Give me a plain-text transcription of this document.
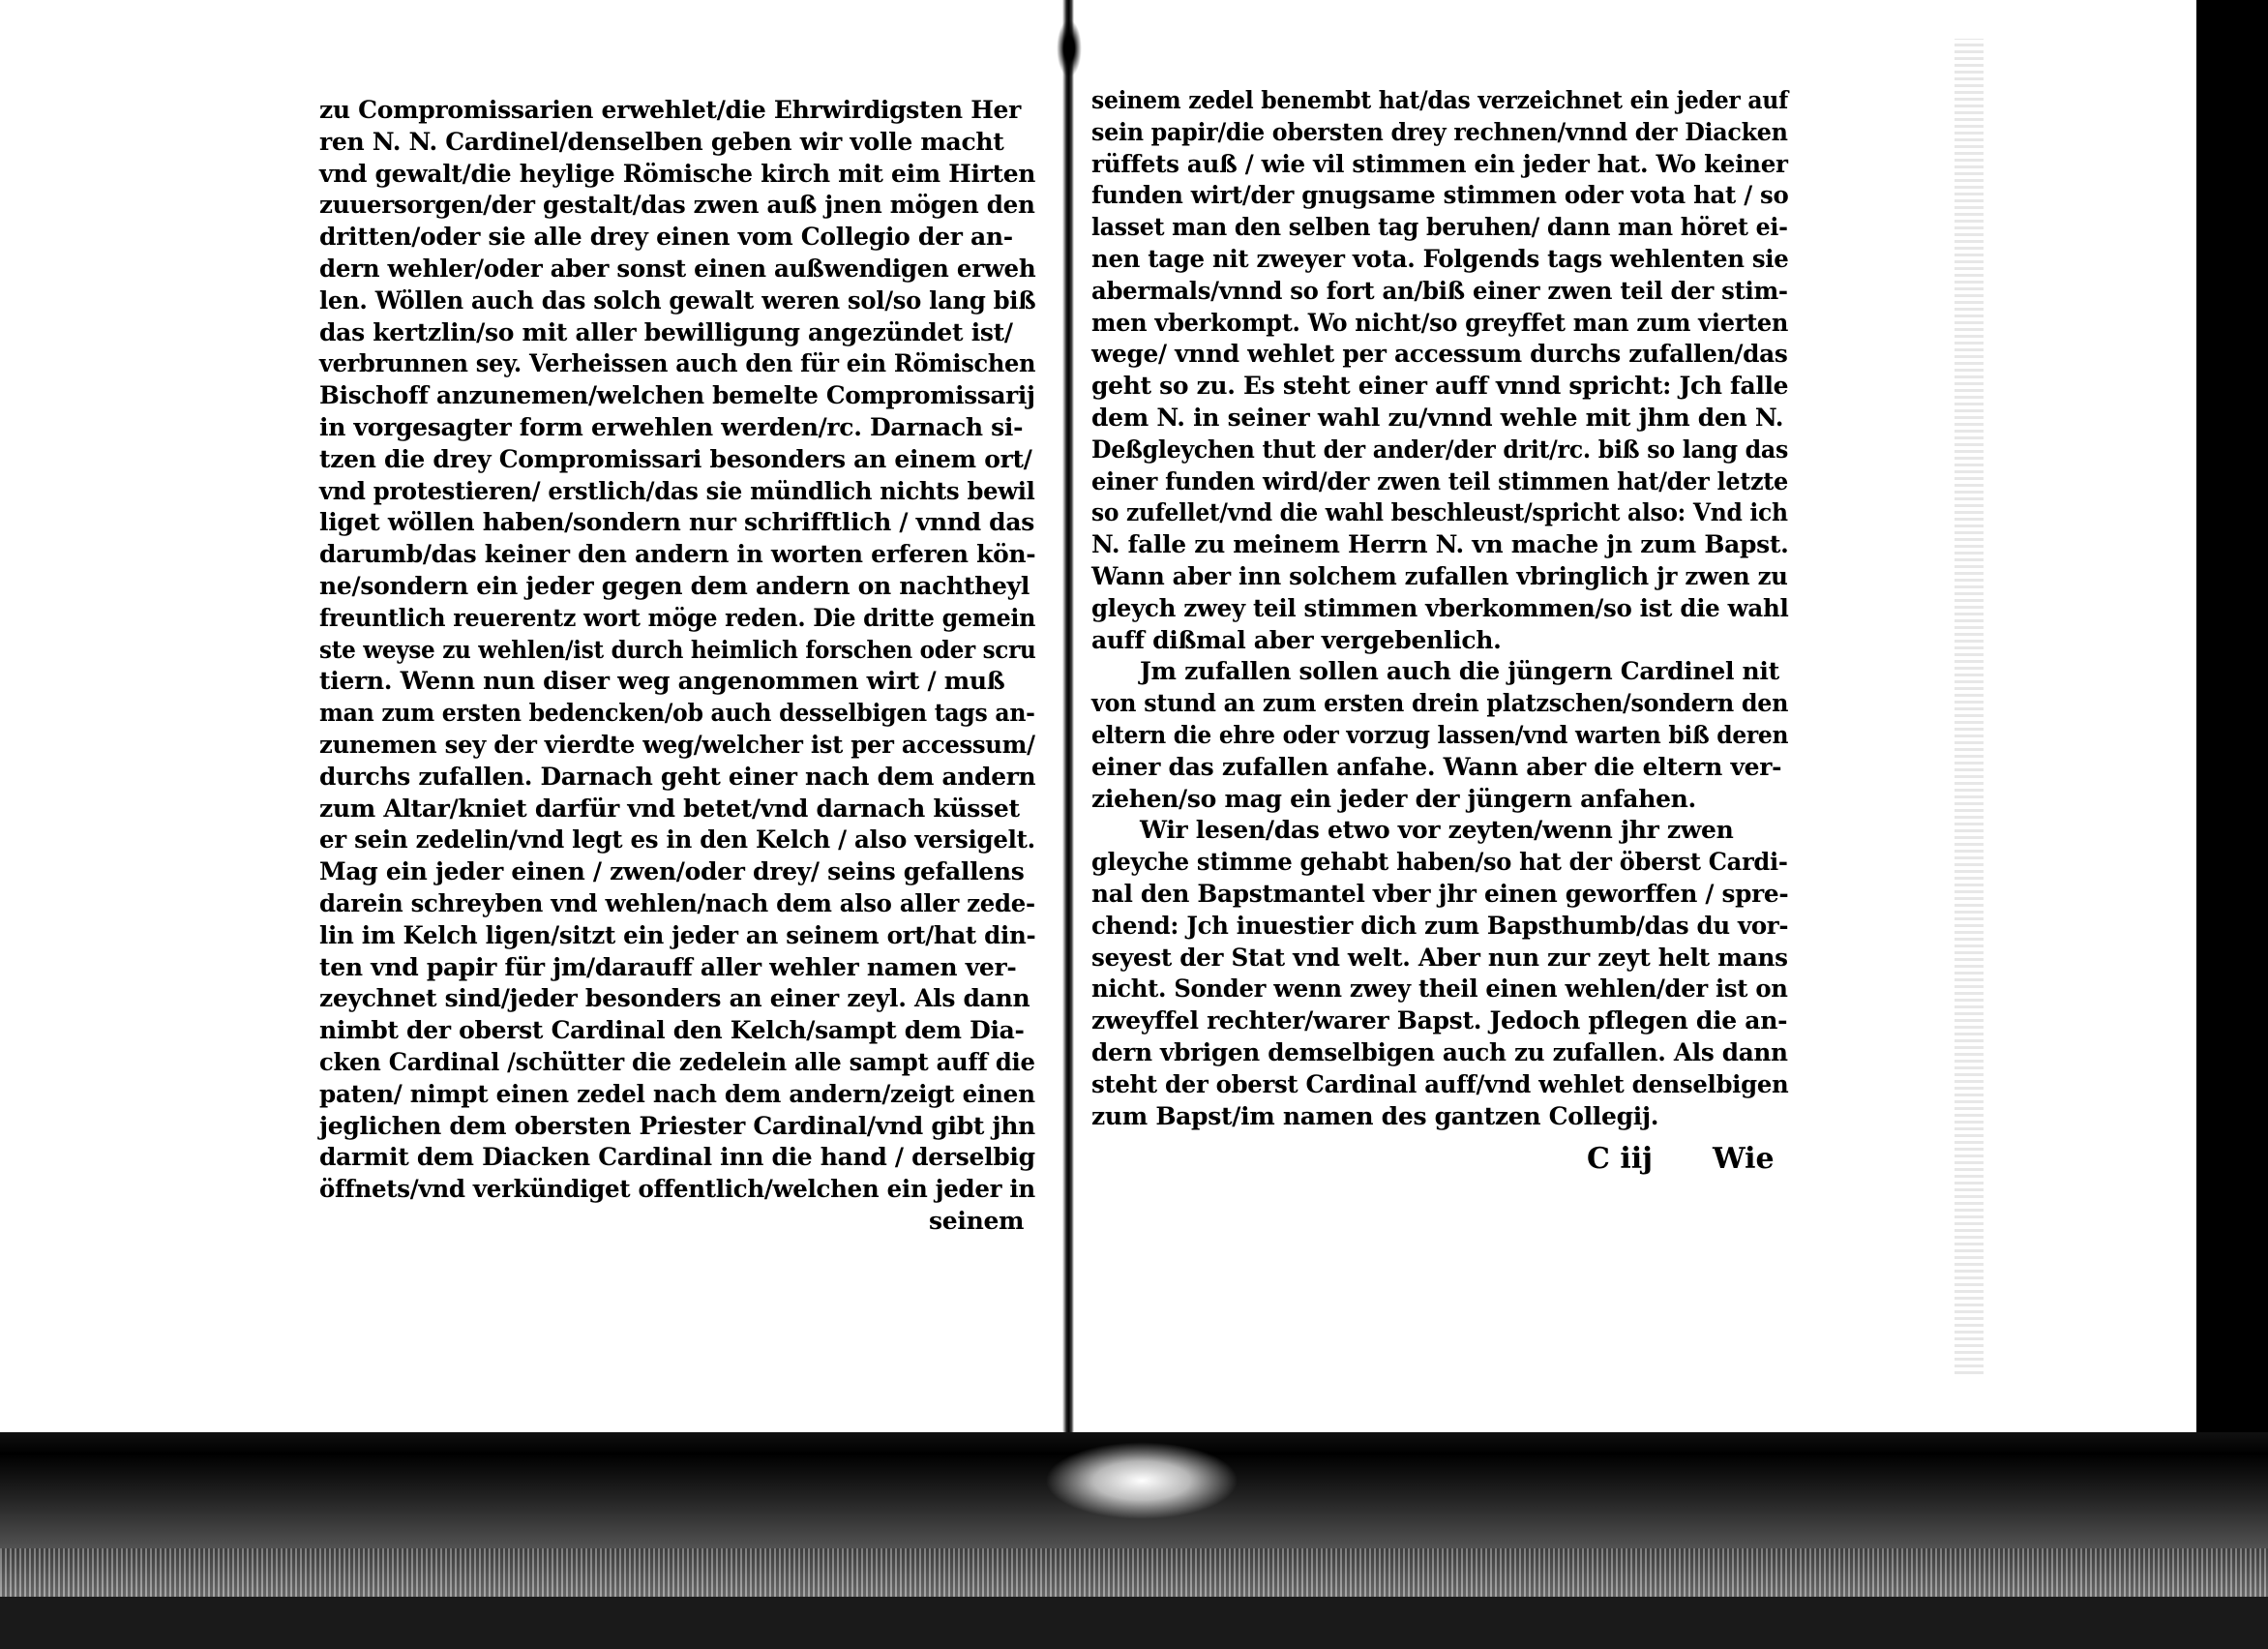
zu Compromissarien erwehlet/die Ehrwirdigsten Her
ren N. N. Cardinel/denselben geben wir volle macht
vnd gewalt/die heylige Römische kirch mit eim Hirten
zuuersorgen/der gestalt/das zwen auß jnen mögen den
dritten/oder sie alle drey einen vom Collegio der an-
dern wehler/oder aber sonst einen außwendigen erweh
len. Wöllen auch das solch gewalt weren sol/so lang biß
das kertzlin/so mit aller bewilligung angezündet ist/
verbrunnen sey. Verheissen auch den für ein Römischen
Bischoff anzunemen/welchen bemelte Compromissarij
in vorgesagter form erwehlen werden/rc. Darnach si-
tzen die drey Compromissari besonders an einem ort/
vnd protestieren/ erstlich/das sie mündlich nichts bewil
liget wöllen haben/sondern nur schrifftlich / vnnd das
darumb/das keiner den andern in worten erferen kön-
ne/sondern ein jeder gegen dem andern on nachtheyl
freuntlich reuerentz wort möge reden. Die dritte gemein
ste weyse zu wehlen/ist durch heimlich forschen oder scru
tiern. Wenn nun diser weg angenommen wirt / muß
man zum ersten bedencken/ob auch desselbigen tags an-
zunemen sey der vierdte weg/welcher ist per accessum/
durchs zufallen. Darnach geht einer nach dem andern
zum Altar/kniet darfür vnd betet/vnd darnach küsset
er sein zedelin/vnd legt es in den Kelch / also versigelt.
Mag ein jeder einen / zwen/oder drey/ seins gefallens
darein schreyben vnd wehlen/nach dem also aller zede-
lin im Kelch ligen/sitzt ein jeder an seinem ort/hat din-
ten vnd papir für jm/darauff aller wehler namen ver-
zeychnet sind/jeder besonders an einer zeyl. Als dann
nimbt der oberst Cardinal den Kelch/sampt dem Dia-
cken Cardinal /schütter die zedelein alle sampt auff die
paten/ nimpt einen zedel nach dem andern/zeigt einen
jeglichen dem obersten Priester Cardinal/vnd gibt jhn
darmit dem Diacken Cardinal inn die hand / derselbig
öffnets/vnd verkündiget offentlich/welchen ein jeder in
seinem
seinem zedel benembt hat/das verzeichnet ein jeder auf
sein papir/die obersten drey rechnen/vnnd der Diacken
rüffets auß / wie vil stimmen ein jeder hat. Wo keiner
funden wirt/der gnugsame stimmen oder vota hat / so
lasset man den selben tag beruhen/ dann man höret ei-
nen tage nit zweyer vota. Folgends tags wehlenten sie
abermals/vnnd so fort an/biß einer zwen teil der stim-
men vberkompt. Wo nicht/so greyffet man zum vierten
wege/ vnnd wehlet per accessum durchs zufallen/das
geht so zu. Es steht einer auff vnnd spricht: Jch falle
dem N. in seiner wahl zu/vnnd wehle mit jhm den N.
Deßgleychen thut der ander/der drit/rc. biß so lang das
einer funden wird/der zwen teil stimmen hat/der letzte
so zufellet/vnd die wahl beschleust/spricht also: Vnd ich
N. falle zu meinem Herrn N. vn mache jn zum Bapst.
Wann aber inn solchem zufallen vbringlich jr zwen zu
gleych zwey teil stimmen vberkommen/so ist die wahl
auff dißmal aber vergebenlich.
Jm zufallen sollen auch die jüngern Cardinel nit
von stund an zum ersten drein platzschen/sondern den
eltern die ehre oder vorzug lassen/vnd warten biß deren
einer das zufallen anfahe. Wann aber die eltern ver-
ziehen/so mag ein jeder der jüngern anfahen.
Wir lesen/das etwo vor zeyten/wenn jhr zwen
gleyche stimme gehabt haben/so hat der öberst Cardi-
nal den Bapstmantel vber jhr einen geworffen / spre-
chend: Jch inuestier dich zum Bapsthumb/das du vor-
seyest der Stat vnd welt. Aber nun zur zeyt helt mans
nicht. Sonder wenn zwey theil einen wehlen/der ist on
zweyffel rechter/warer Bapst. Jedoch pflegen die an-
dern vbrigen demselbigen auch zu zufallen. Als dann
steht der oberst Cardinal auff/vnd wehlet denselbigen
zum Bapst/im namen des gantzen Collegij.
C iij Wie
